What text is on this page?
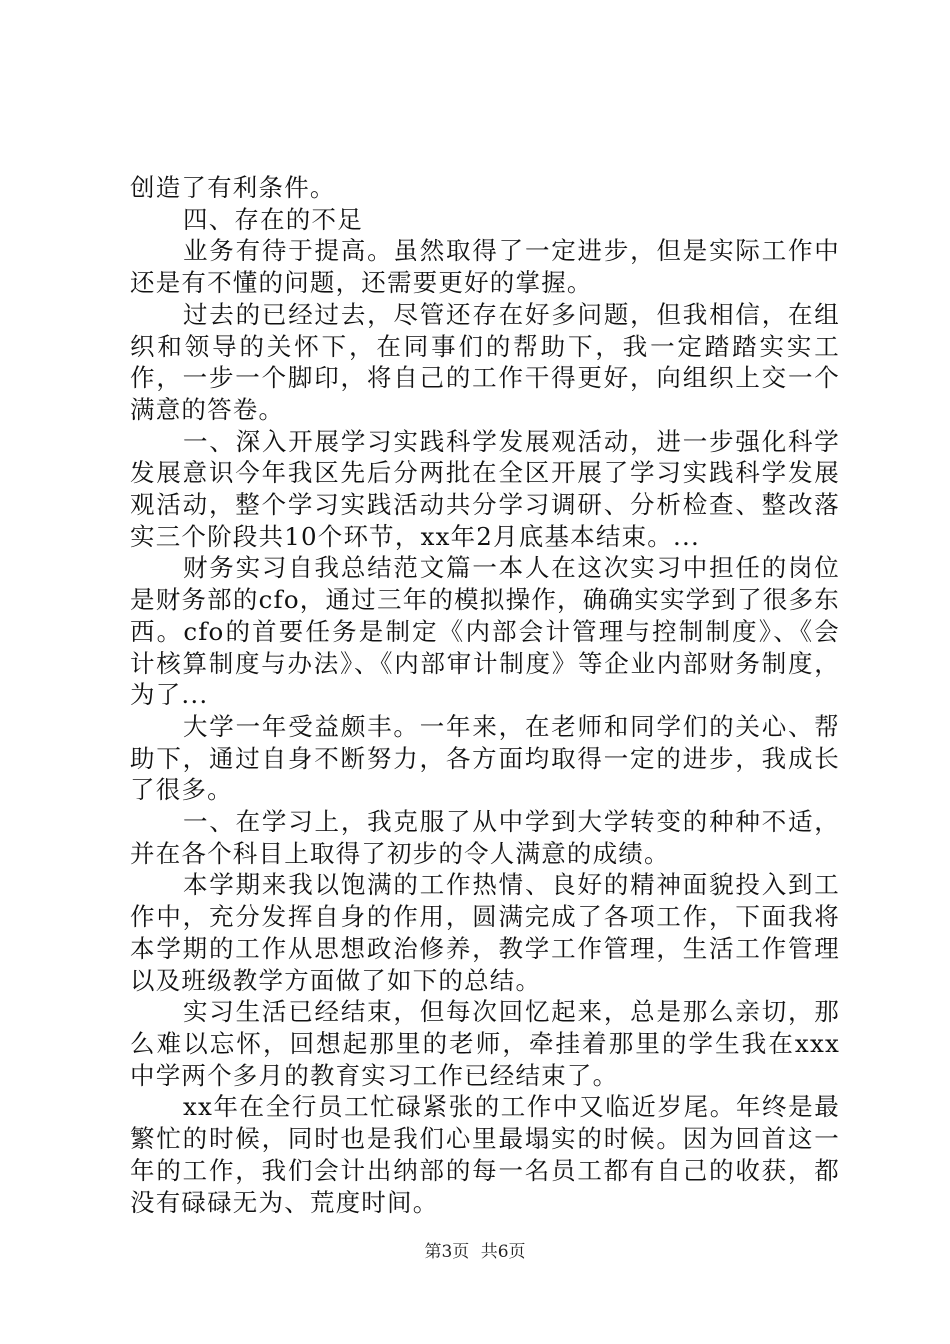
创造了有利条件。

四、存在的不足

业务有待于提高。虽然取得了一定进步，但是实际工作中还是有不懂的问题，还需要更好的掌握。

过去的已经过去，尽管还存在好多问题，但我相信，在组织和领导的关怀下，在同事们的帮助下，我一定踏踏实实工作，一步一个脚印，将自己的工作干得更好，向组织上交一个满意的答卷。

一、深入开展学习实践科学发展观活动，进一步强化科学发展意识今年我区先后分两批在全区开展了学习实践科学发展观活动，整个学习实践活动共分学习调研、分析检查、整改落实三个阶段共10个环节，xx年2月底基本结束。...

财务实习自我总结范文篇一本人在这次实习中担任的岗位是财务部的cfo，通过三年的模拟操作，确确实实学到了很多东西。cfo的首要任务是制定《内部会计管理与控制制度》、《会计核算制度与办法》、《内部审计制度》等企业内部财务制度，为了...

大学一年受益颇丰。一年来，在老师和同学们的关心、帮助下，通过自身不断努力，各方面均取得一定的进步，我成长了很多。

一、在学习上，我克服了从中学到大学转变的种种不适，并在各个科目上取得了初步的令人满意的成绩。

本学期来我以饱满的工作热情、良好的精神面貌投入到工作中，充分发挥自身的作用，圆满完成了各项工作，下面我将本学期的工作从思想政治修养，教学工作管理，生活工作管理以及班级教学方面做了如下的总结。

实习生活已经结束，但每次回忆起来，总是那么亲切，那么难以忘怀，回想起那里的老师，牵挂着那里的学生我在xxx中学两个多月的教育实习工作已经结束了。

xx年在全行员工忙碌紧张的工作中又临近岁尾。年终是最繁忙的时候，同时也是我们心里最塌实的时候。因为回首这一年的工作，我们会计出纳部的每一名员工都有自己的收获，都没有碌碌无为、荒度时间。

第3页 共6页
